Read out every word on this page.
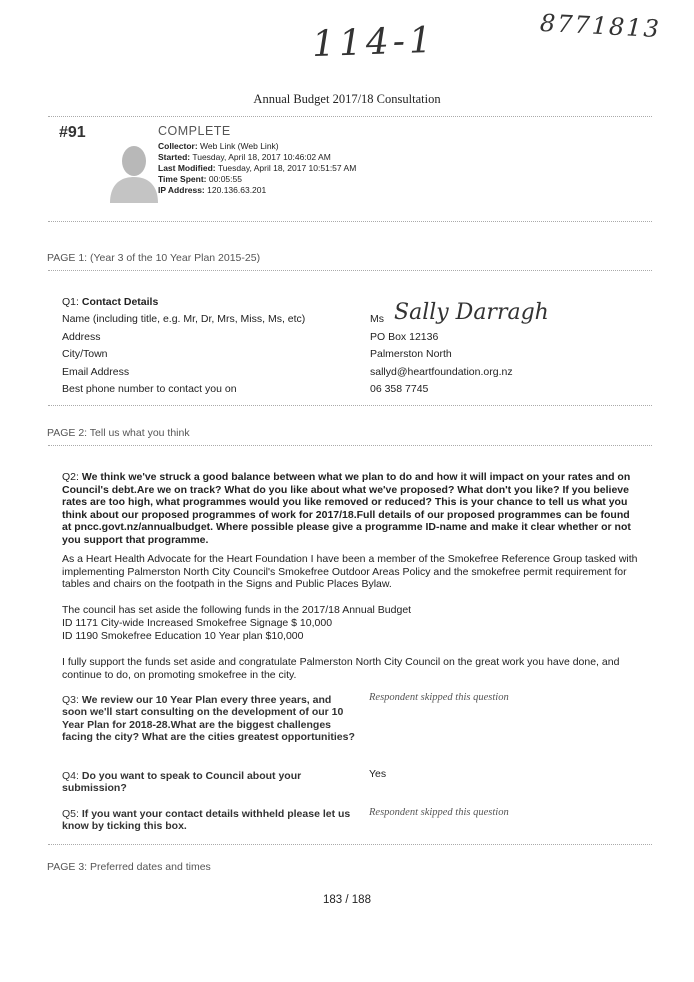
114-1	8771813
Annual Budget 2017/18 Consultation
#91	COMPLETE
Collector: Web Link (Web Link)
Started: Tuesday, April 18, 2017 10:46:02 AM
Last Modified: Tuesday, April 18, 2017 10:51:57 AM
Time Spent: 00:05:55
IP Address: 120.136.63.201
PAGE 1: (Year 3 of the 10 Year Plan 2015-25)
Q1: Contact Details
Name (including title, e.g. Mr, Dr, Mrs, Miss, Ms, etc)	Ms Sally Darragh
Address	PO Box 12136
City/Town	Palmerston North
Email Address	sallyd@heartfoundation.org.nz
Best phone number to contact you on	06 358 7745
PAGE 2: Tell us what you think
Q2: We think we've struck a good balance between what we plan to do and how it will impact on your rates and on Council's debt.Are we on track? What do you like about what we've proposed? What don't you like? If you believe rates are too high, what programmes would you like removed or reduced? This is your chance to tell us what you think about our proposed programmes of work for 2017/18.Full details of our proposed programmes can be found at pncc.govt.nz/annualbudget. Where possible please give a programme ID-name and make it clear whether or not you support that programme.
As a Heart Health Advocate for the Heart Foundation I have been a member of the Smokefree Reference Group tasked with implementing Palmerston North City Council's Smokefree Outdoor Areas Policy and the smokefree permit requirement for tables and chairs on the footpath in the Signs and Public Places Bylaw.
The council has set aside the following funds in the 2017/18 Annual Budget
ID 1171 City-wide Increased Smokefree Signage $ 10,000
ID 1190 Smokefree Education 10 Year plan $10,000
I fully support the funds set aside and congratulate Palmerston North City Council on the great work you have done, and continue to do, on promoting smokefree in the city.
Q3: We review our 10 Year Plan every three years, and soon we'll start consulting on the development of our 10 Year Plan for 2018-28.What are the biggest challenges facing the city? What are the cities greatest opportunities?
Respondent skipped this question
Q4: Do you want to speak to Council about your submission?
Yes
Q5: If you want your contact details withheld please let us know by ticking this box.
Respondent skipped this question
PAGE 3: Preferred dates and times
183 / 188
